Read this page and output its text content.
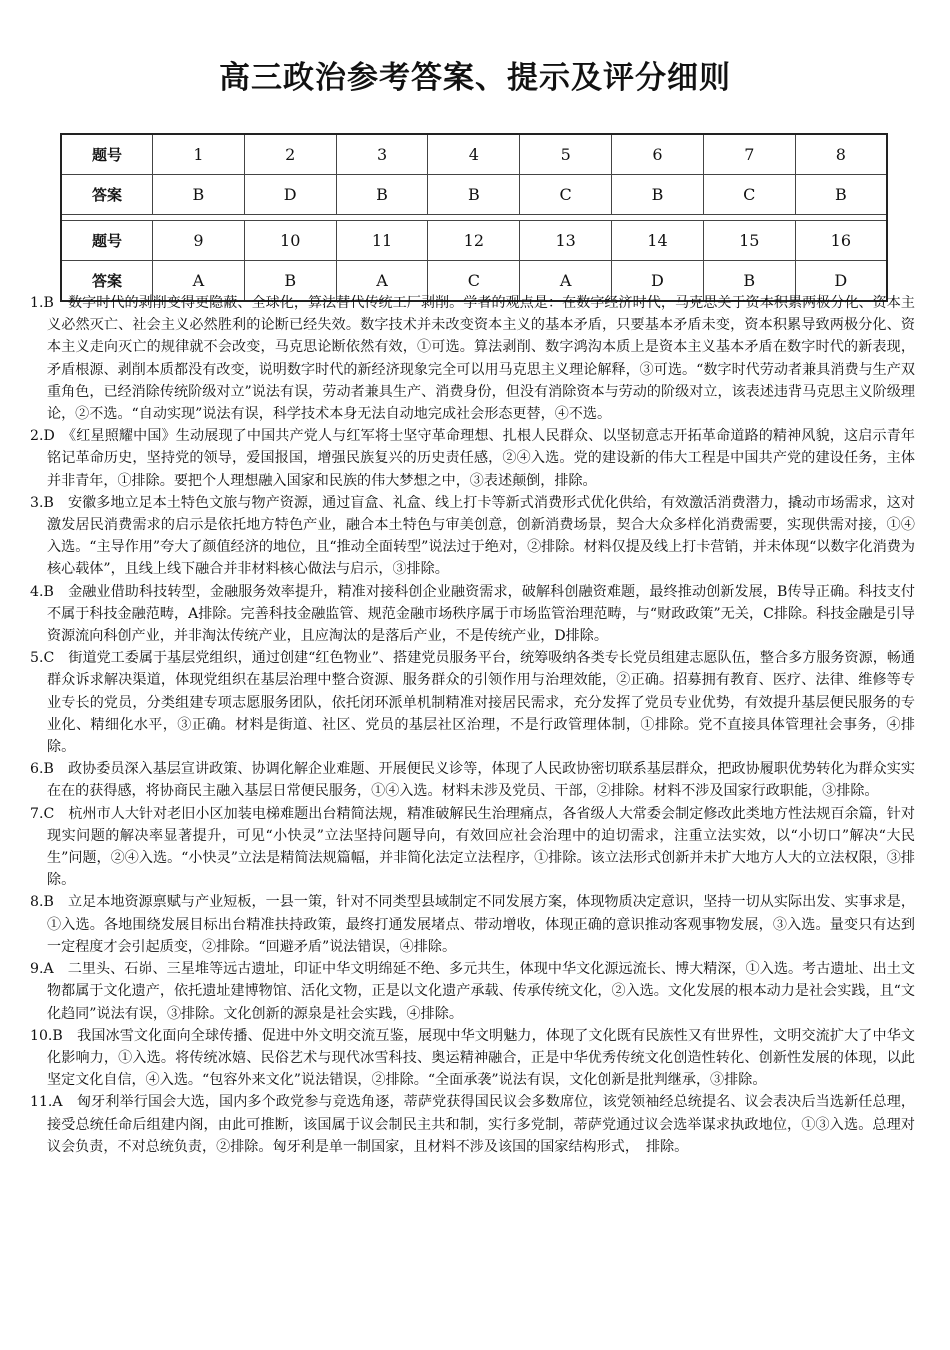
高三政治参考答案、提示及评分细则
题号	1	2	3	4	5	6	7	8
答案	B	D	B	B	C	B	C	B

题号	9	10	11	12	13	14	15	16
答案	A	B	A	C	A	D	B	D

1.B　 数字时代的剥削变得更隐蔽、全球化，算法替代传统工厂剥削。学者的观点是：在数字经济时代，马克思关于资本积累两极分化、资本主义必然灭亡、社会主义必然胜利的论断已经失效。数字技术并未改变资本主义的基本矛盾，只要基本矛盾未变，资本积累导致两极分化、资本主义走向灭亡的规律就不会改变，马克思论断依然有效，①可选。算法剥削、数字鸿沟本质上是资本主义基本矛盾在数字时代的新表现，矛盾根源、剥削本质都没有改变，说明数字时代的新经济现象完全可以用马克思主义理论解释，③可选。“数字时代劳动者兼具消费与生产双重角色，已经消除传统阶级对立”说法有误，劳动者兼具生产、消费身份，但没有消除资本与劳动的阶级对立，该表述违背马克思主义阶级理论，②不选。“自动实现”说法有误，科学技术本身无法自动地完成社会形态更替，④不选。

2.D　 《红星照耀中国》生动展现了中国共产党人与红军将士坚守革命理想、扎根人民群众、以坚韧意志开拓革命道路的精神风貌，这启示青年铭记革命历史，坚持党的领导，爱国报国，增强民族复兴的历史责任感，②④入选。党的建设新的伟大工程是中国共产党的建设任务，主体并非青年，①排除。要把个人理想融入国家和民族的伟大梦想之中，③表述颠倒，排除。

3.B　 安徽多地立足本土特色文旅与物产资源，通过盲盒、礼盒、线上打卡等新式消费形式优化供给，有效激活消费潜力，撬动市场需求，这对激发居民消费需求的启示是依托地方特色产业，融合本土特色与审美创意，创新消费场景，契合大众多样化消费需要，实现供需对接，①④入选。“主导作用”夸大了颜值经济的地位，且“推动全面转型”说法过于绝对，②排除。材料仅提及线上打卡营销，并未体现“以数字化消费为核心载体”，且线上线下融合并非材料核心做法与启示，③排除。

4.B　 金融业借助科技转型，金融服务效率提升，精准对接科创企业融资需求，破解科创融资难题，最终推动创新发展，B传导正确。科技支付不属于科技金融范畴，A排除。完善科技金融监管、规范金融市场秩序属于市场监管治理范畴，与“财政政策”无关，C排除。科技金融是引导资源流向科创产业，并非淘汰传统产业，且应淘汰的是落后产业，不是传统产业，D排除。

5.C　 街道党工委属于基层党组织，通过创建“红色物业”、搭建党员服务平台，统筹吸纳各类专长党员组建志愿队伍，整合多方服务资源，畅通群众诉求解决渠道，体现党组织在基层治理中整合资源、服务群众的引领作用与治理效能，②正确。招募拥有教育、医疗、法律、维修等专业专长的党员，分类组建专项志愿服务团队，依托闭环派单机制精准对接居民需求，充分发挥了党员专业优势，有效提升基层便民服务的专业化、精细化水平，③正确。材料是街道、社区、党员的基层社区治理，不是行政管理体制，①排除。党不直接具体管理社会事务，④排除。

6.B　 政协委员深入基层宣讲政策、协调化解企业难题、开展便民义诊等，体现了人民政协密切联系基层群众，把政协履职优势转化为群众实实在在的获得感，将协商民主融入基层日常便民服务，①④入选。材料未涉及党员、干部，②排除。材料不涉及国家行政职能，③排除。

7.C　 杭州市人大针对老旧小区加装电梯难题出台精简法规，精准破解民生治理痛点，各省级人大常委会制定修改此类地方性法规百余篇，针对现实问题的解决率显著提升，可见“小快灵”立法坚持问题导向，有效回应社会治理中的迫切需求，注重立法实效，以“小切口”解决“大民生”问题，②④入选。“小快灵”立法是精简法规篇幅，并非简化法定立法程序，①排除。该立法形式创新并未扩大地方人大的立法权限，③排除。

8.B　 立足本地资源禀赋与产业短板，一县一策，针对不同类型县域制定不同发展方案，体现物质决定意识，坚持一切从实际出发、实事求是，①入选。各地围绕发展目标出台精准扶持政策，最终打通发展堵点、带动增收，体现正确的意识推动客观事物发展，③入选。量变只有达到一定程度才会引起质变，②排除。“回避矛盾”说法错误，④排除。

9.A　 二里头、石峁、三星堆等远古遗址，印证中华文明绵延不绝、多元共生，体现中华文化源远流长、博大精深，①入选。考古遗址、出土文物都属于文化遗产，依托遗址建博物馆、活化文物，正是以文化遗产承载、传承传统文化，②入选。文化发展的根本动力是社会实践，且“文化趋同”说法有误，③排除。文化创新的源泉是社会实践，④排除。

10.B　 我国冰雪文化面向全球传播、促进中外文明交流互鉴，展现中华文明魅力，体现了文化既有民族性又有世界性，文明交流扩大了中华文化影响力，①入选。将传统冰嬉、民俗艺术与现代冰雪科技、奥运精神融合，正是中华优秀传统文化创造性转化、创新性发展的体现，以此坚定文化自信，④入选。“包容外来文化”说法错误，②排除。“全面承袭”说法有误，文化创新是批判继承，③排除。

11.A　 匈牙利举行国会大选，国内多个政党参与竞选角逐，蒂萨党获得国民议会多数席位，该党领袖经总统提名、议会表决后当选新任总理，接受总统任命后组建内阁，由此可推断，该国属于议会制民主共和制，实行多党制，蒂萨党通过议会选举谋求执政地位，①③入选。总理对议会负责，不对总统负责，②排除。匈牙利是单一制国家，且材料不涉及该国的国家结构形式，　排除。
